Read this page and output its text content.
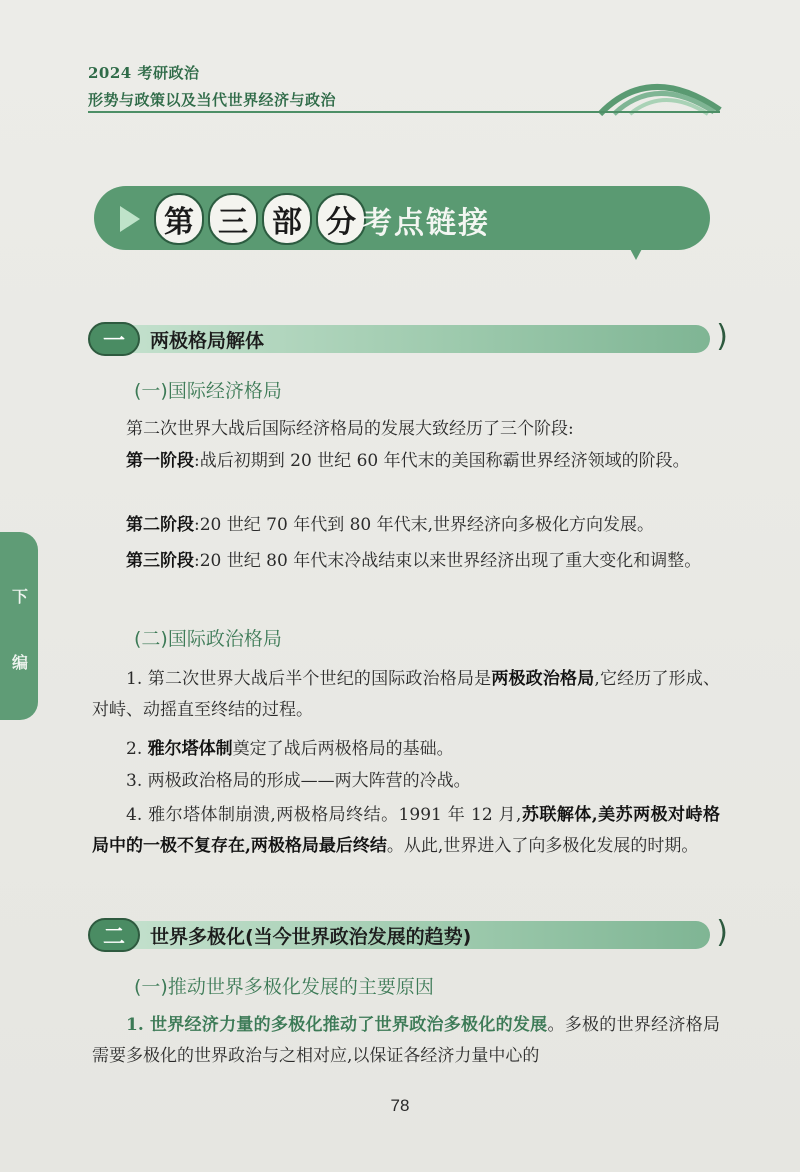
2024 考研政治
形势与政策以及当代世界经济与政治
第 三 部 分 考点链接
一	两极格局解体	)
(一)国际经济格局
第二次世界大战后国际经济格局的发展大致经历了三个阶段:
第一阶段:战后初期到 20 世纪 60 年代末的美国称霸世界经济领域的阶段。
第二阶段:20 世纪 70 年代到 80 年代末,世界经济向多极化方向发展。
第三阶段:20 世纪 80 年代末冷战结束以来世界经济出现了重大变化和调整。
(二)国际政治格局
1. 第二次世界大战后半个世纪的国际政治格局是两极政治格局,它经历了形成、对峙、动摇直至终结的过程。
2. 雅尔塔体制奠定了战后两极格局的基础。
3. 两极政治格局的形成——两大阵营的冷战。
4. 雅尔塔体制崩溃,两极格局终结。1991 年 12 月,苏联解体,美苏两极对峙格局中的一极不复存在,两极格局最后终结。从此,世界进入了向多极化发展的时期。
二	世界多极化(当今世界政治发展的趋势)	)
(一)推动世界多极化发展的主要原因
1. 世界经济力量的多极化推动了世界政治多极化的发展。多极的世界经济格局需要多极化的世界政治与之相对应,以保证各经济力量中心的
下
编
78
